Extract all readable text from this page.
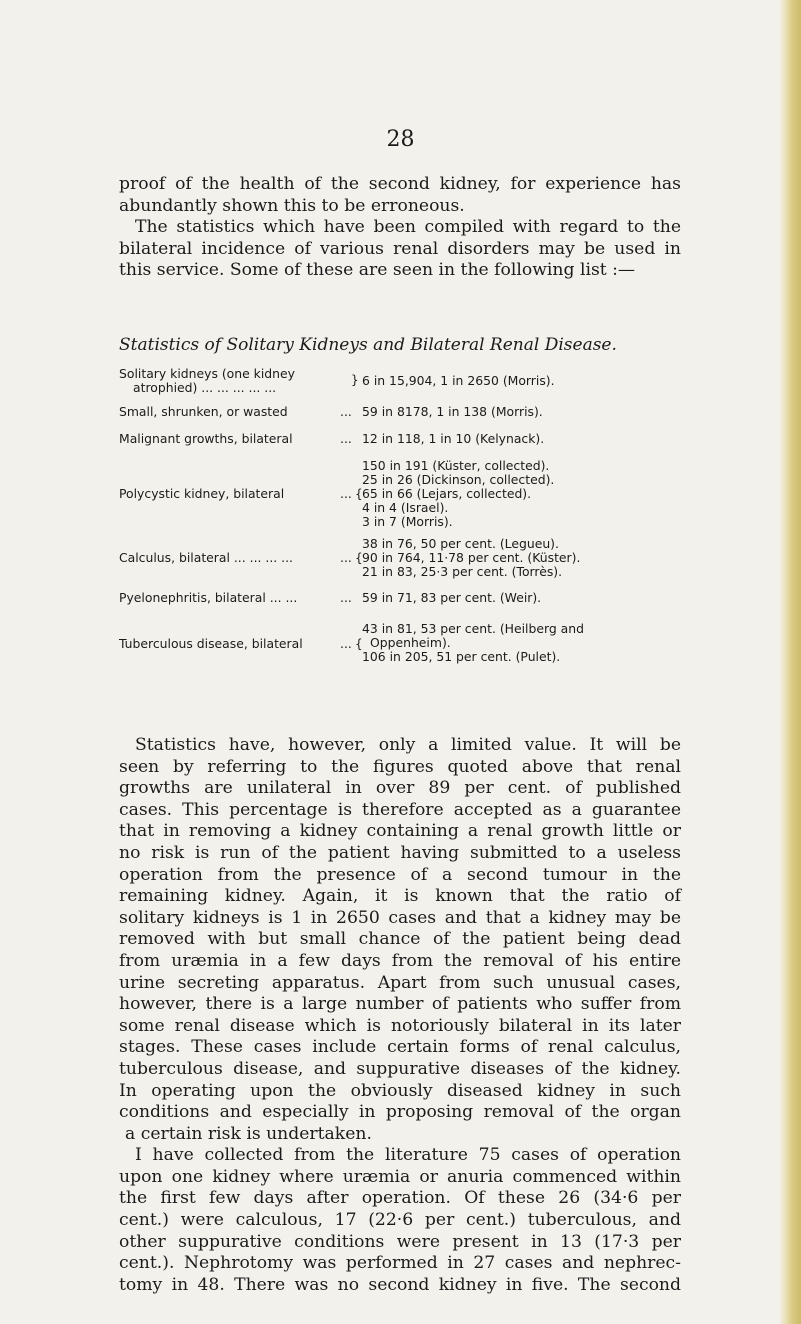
28
proof of the health of the second kidney, for experience has
abundantly shown this to be erroneous.
The statistics which have been compiled with regard to the
bilateral incidence of various renal disorders may be used in
this service. Some of these are seen in the following list :—
Statistics of Solitary Kidneys and Bilateral Renal Disease.
Solitary kidneys (one kidney
atrophied) ... ... ... ... ...	} 6 in 15,904, 1 in 2650 (Morris).
Small, shrunken, or wasted	... 59 in 8178, 1 in 138 (Morris).
Malignant growths, bilateral	... 12 in 118, 1 in 10 (Kelynack).
Polycystic kidney, bilateral	... {
150 in 191 (Küster, collected).
25 in 26 (Dickinson, collected).
65 in 66 (Lejars, collected).
4 in 4 (Israel).
3 in 7 (Morris).
Calculus, bilateral ... ... ... ...	... {
38 in 76, 50 per cent. (Legueu).
90 in 764, 11·78 per cent. (Küster).
21 in 83, 25·3 per cent. (Torrès).
Pyelonephritis, bilateral ... ...	... 59 in 71, 83 per cent. (Weir).
Tuberculous disease, bilateral	... {
43 in 81, 53 per cent. (Heilberg and
Oppenheim).
106 in 205, 51 per cent. (Pulet).
Statistics have, however, only a limited value. It will be
seen by referring to the figures quoted above that renal
growths are unilateral in over 89 per cent. of published
cases. This percentage is therefore accepted as a guarantee
that in removing a kidney containing a renal growth little or
no risk is run of the patient having submitted to a useless
operation from the presence of a second tumour in the
remaining kidney. Again, it is known that the ratio of
solitary kidneys is 1 in 2650 cases and that a kidney may be
removed with but small chance of the patient being dead
from uræmia in a few days from the removal of his entire
urine secreting apparatus. Apart from such unusual cases,
however, there is a large number of patients who suffer from
some renal disease which is notoriously bilateral in its later
stages. These cases include certain forms of renal calculus,
tuberculous disease, and suppurative diseases of the kidney.
In operating upon the obviously diseased kidney in such
conditions and especially in proposing removal of the organ
a certain risk is undertaken.
I have collected from the literature 75 cases of operation
upon one kidney where uræmia or anuria commenced within
the first few days after operation. Of these 26 (34·6 per
cent.) were calculous, 17 (22·6 per cent.) tuberculous, and
other suppurative conditions were present in 13 (17·3 per
cent.). Nephrotomy was performed in 27 cases and nephrec-
tomy in 48. There was no second kidney in five. The second
